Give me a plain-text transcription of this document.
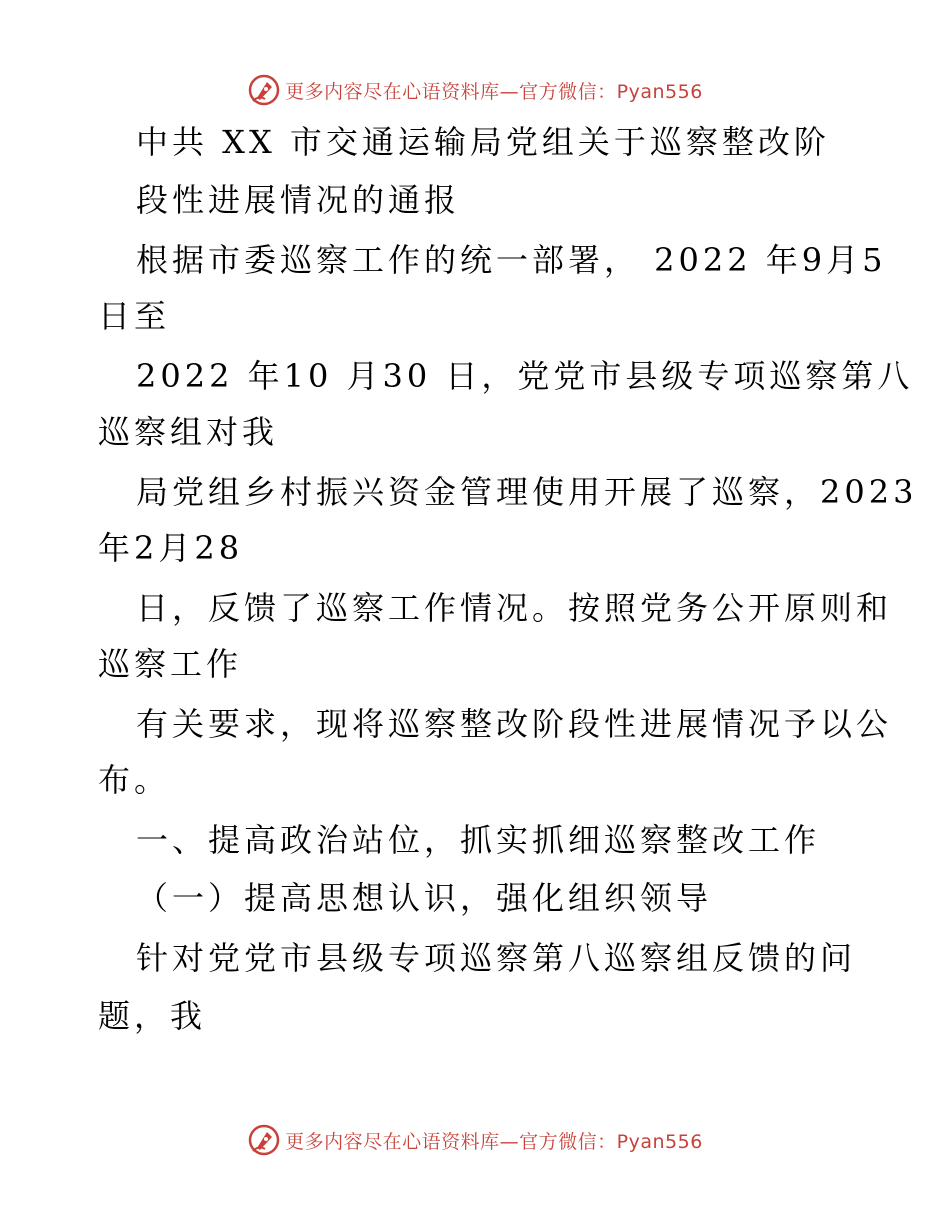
更多内容尽在心语资料库—官方微信：Pyan556
中共 XX 市交通运输局党组关于巡察整改阶
段性进展情况的通报
根据市委巡察工作的统一部署， 2022 年9月5
日至
2022 年10 月30 日，党党市县级专项巡察第八
巡察组对我
局党组乡村振兴资金管理使用开展了巡察，2023
年2月28
日，反馈了巡察工作情况。按照党务公开原则和
巡察工作
有关要求，现将巡察整改阶段性进展情况予以公
布。
一、提高政治站位，抓实抓细巡察整改工作
（一）提高思想认识，强化组织领导
针对党党市县级专项巡察第八巡察组反馈的问
题，我
更多内容尽在心语资料库—官方微信：Pyan556
